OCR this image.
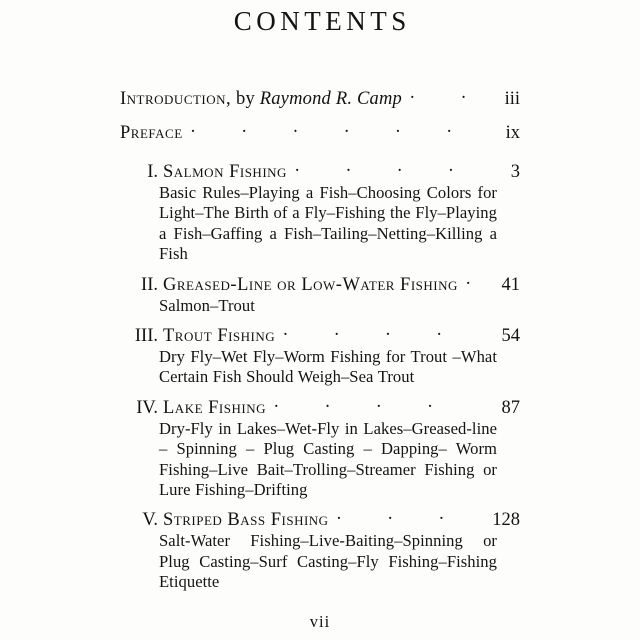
CONTENTS
Introduction, by Raymond R. Camp . . .	iii
Preface . . .	ix
I. Salmon Fishing . . .	3

Basic Rules–Playing a Fish–Choosing Colors for Light–The Birth of a Fly–Fishing the Fly–Playing a Fish–Gaffing a Fish–Tailing–Netting–Killing a Fish

II. Greased-Line or Low-Water Fishing . . .	41

Salmon–Trout

III. Trout Fishing . . .	54

Dry Fly–Wet Fly–Worm Fishing for Trout –What Certain Fish Should Weigh–Sea Trout

IV. Lake Fishing . . .	87

Dry-Fly in Lakes–Wet-Fly in Lakes–Greased-line – Spinning – Plug Casting – Dapping– Worm Fishing–Live Bait–Trolling–Streamer Fishing or Lure Fishing–Drifting

V. Striped Bass Fishing . . .	128

Salt-Water Fishing–Live-Baiting–Spinning or Plug Casting–Surf Casting–Fly Fishing–Fishing Etiquette

vii
